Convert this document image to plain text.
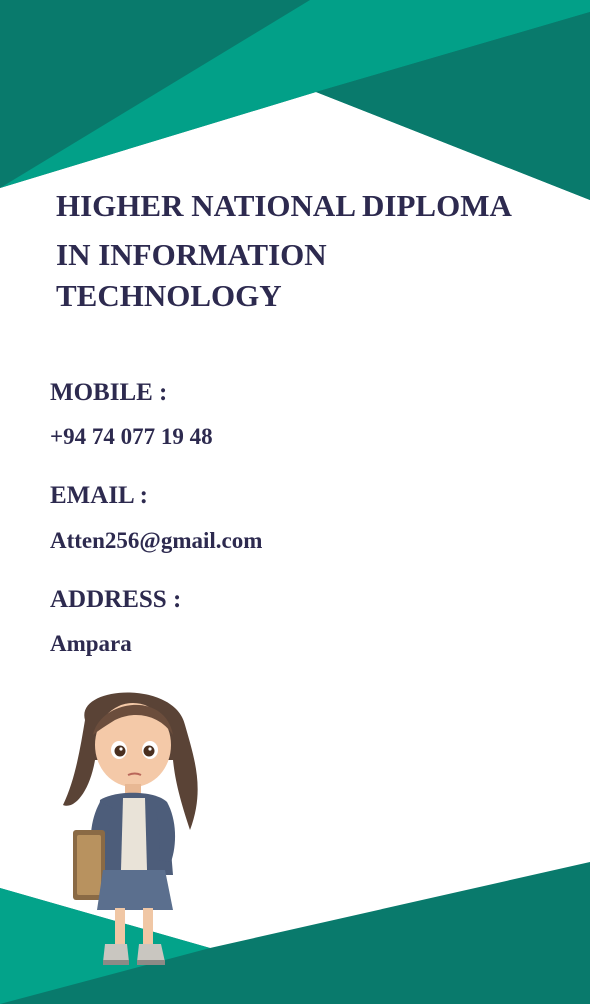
HIGHER NATIONAL DIPLOMA
IN INFORMATION
TECHNOLOGY
MOBILE :
+94 74 077 19 48
EMAIL :
Atten256@gmail.com
ADDRESS :
Ampara
